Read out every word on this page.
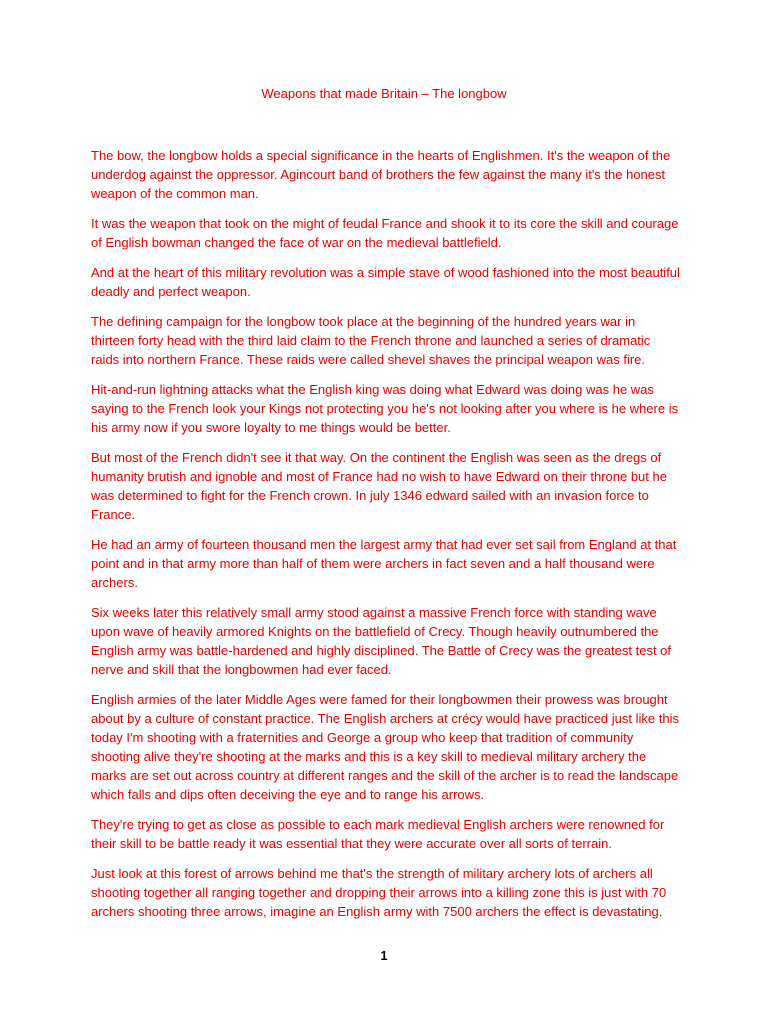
Weapons that made Britain – The longbow

The bow, the longbow holds a special significance in the hearts of Englishmen. It's the weapon of the underdog against the oppressor. Agincourt band of brothers the few against the many it's the honest weapon of the common man.

It was the weapon that took on the might of feudal France and shook it to its core the skill and courage of English bowman changed the face of war on the medieval battlefield.

And at the heart of this military revolution was a simple stave of wood fashioned into the most beautiful deadly and perfect weapon.

The defining campaign for the longbow took place at the beginning of the hundred years war in thirteen forty head with the third laid claim to the French throne and launched a series of dramatic raids into northern France. These raids were called shevel shaves the principal weapon was fire.

Hit-and-run lightning attacks what the English king was doing what Edward was doing was he was saying to the French look your Kings not protecting you he's not looking after you where is he where is his army now if you swore loyalty to me things would be better.

But most of the French didn't see it that way. On the continent the English was seen as the dregs of humanity brutish and ignoble and most of France had no wish to have Edward on their throne but he was determined to fight for the French crown. In july 1346 edward sailed with an invasion force to France.

He had an army of fourteen thousand men the largest army that had ever set sail from England at that point and in that army more than half of them were archers in fact seven and a half thousand were archers.

Six weeks later this relatively small army stood against a massive French force with standing wave upon wave of heavily armored Knights on the battlefield of Crecy. Though heavily outnumbered the English army was battle-hardened and highly disciplined. The Battle of Crecy was the greatest test of nerve and skill that the longbowmen had ever faced.

English armies of the later Middle Ages were famed for their longbowmen their prowess was brought about by a culture of constant practice. The English archers at crécy would have practiced just like this today I'm shooting with a fraternities and George a group who keep that tradition of community shooting alive they're shooting at the marks and this is a key skill to medieval military archery the marks are set out across country at different ranges and the skill of the archer is to read the landscape which falls and dips often deceiving the eye and to range his arrows.

They're trying to get as close as possible to each mark medieval English archers were renowned for their skill to be battle ready it was essential that they were accurate over all sorts of terrain.

Just look at this forest of arrows behind me that's the strength of military archery lots of archers all shooting together all ranging together and dropping their arrows into a killing zone this is just with 70 archers shooting three arrows, imagine an English army with 7500 archers the effect is devastating.

1
